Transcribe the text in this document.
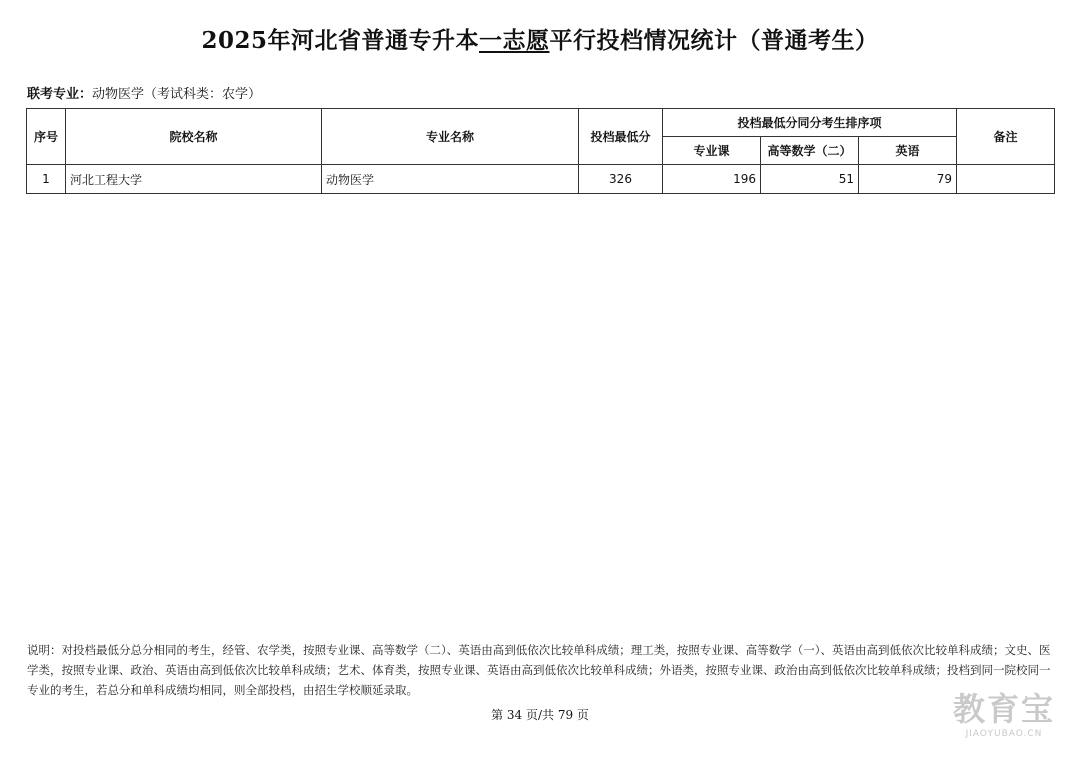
2025年河北省普通专升本一志愿平行投档情况统计（普通考生）
联考专业：动物医学（考试科类：农学）
序号	院校名称	专业名称	投档最低分	投档最低分同分考生排序项			备注
				专业课	高等数学（二）	英语	
1	河北工程大学	动物医学	326	196	51	79	
说明：对投档最低分总分相同的考生，经管、农学类，按照专业课、高等数学（二）、英语由高到低依次比较单科成绩；理工类，按照专业课、高等数学（一）、英语由高到低依次比较单科成绩；文史、医学类，按照专业课、政治、英语由高到低依次比较单科成绩；艺术、体育类，按照专业课、英语由高到低依次比较单科成绩；外语类，按照专业课、政治由高到低依次比较单科成绩；投档到同一院校同一专业的考生，若总分和单科成绩均相同，则全部投档，由招生学校顺延录取。
第 34 页/共 79 页	教育宝
JIAOYUBAO.CN
